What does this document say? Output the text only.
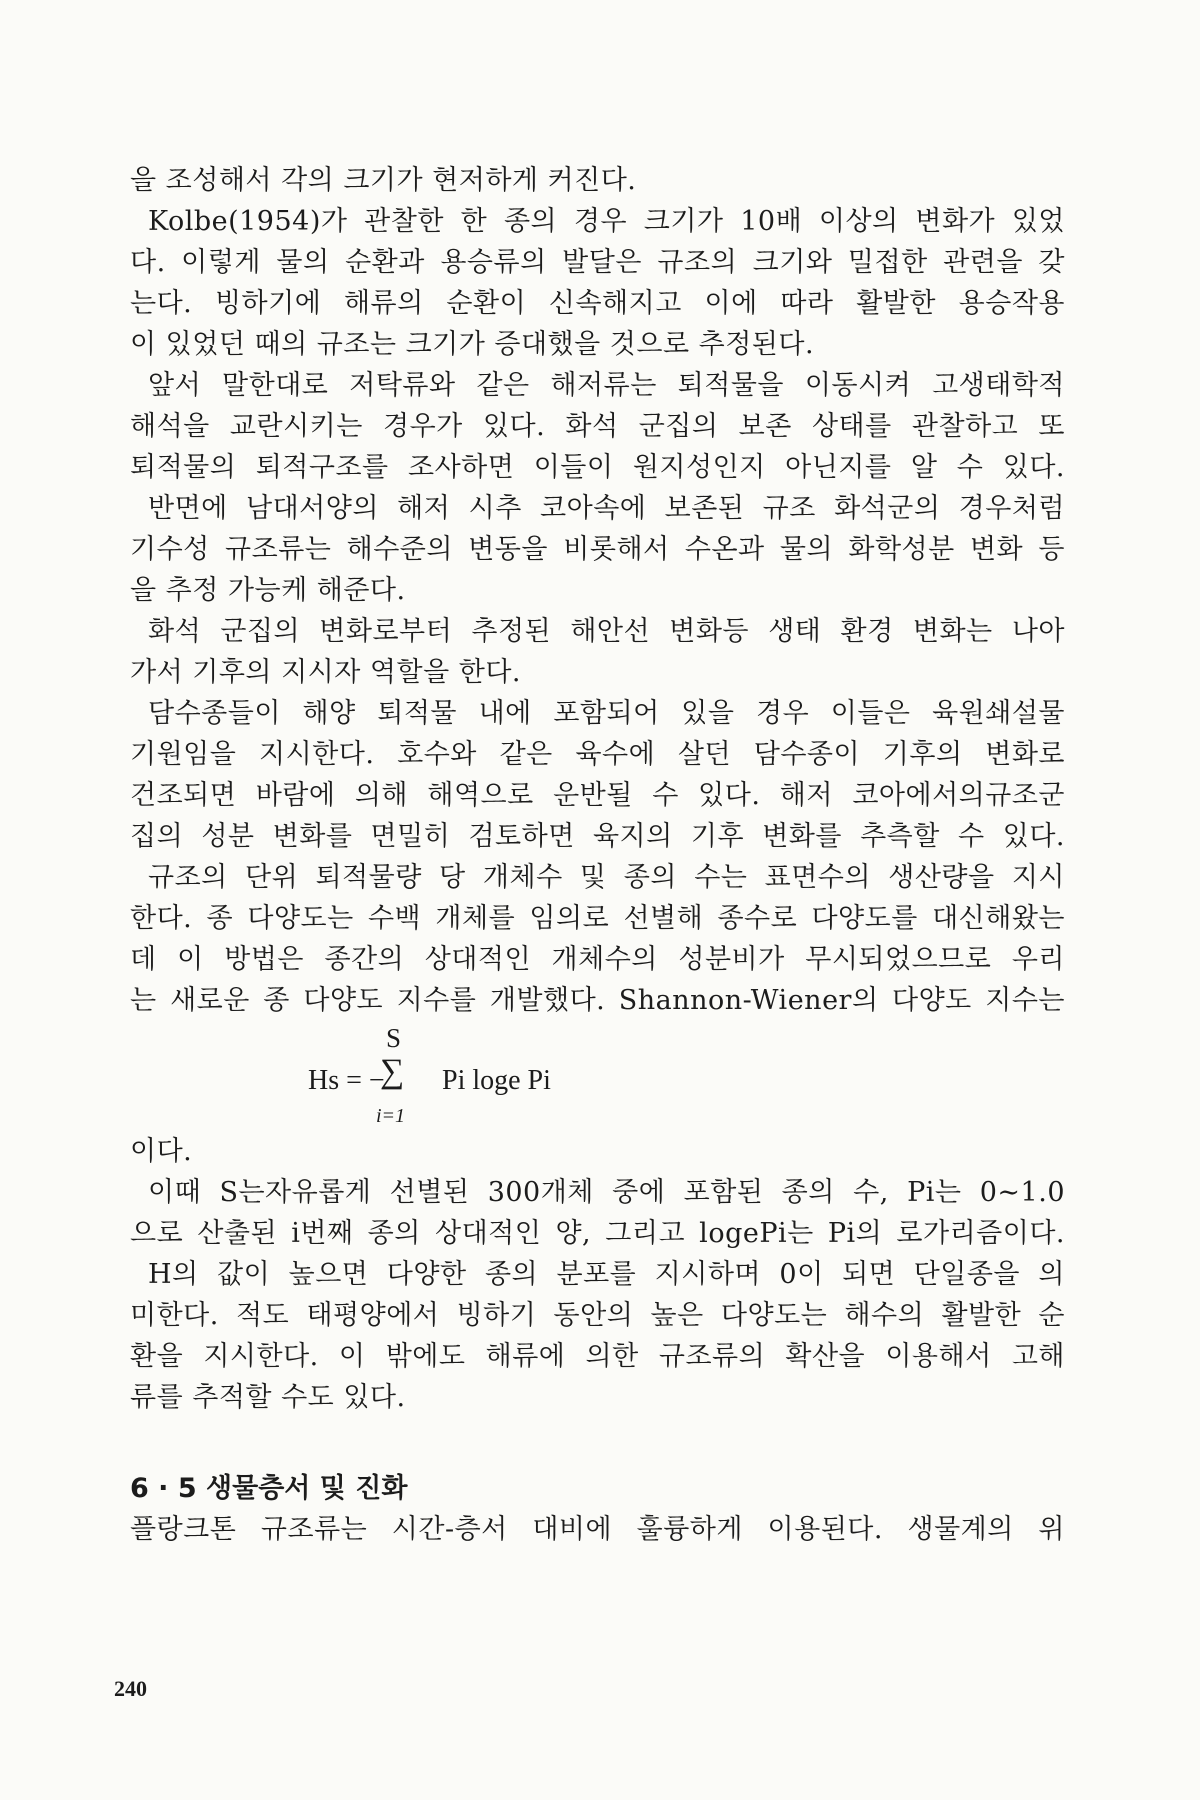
을 조성해서 각의 크기가 현저하게 커진다.
Kolbe(1954)가 관찰한 한 종의 경우 크기가 10배 이상의 변화가 있었
다. 이렇게 물의 순환과 용승류의 발달은 규조의 크기와 밀접한 관련을 갖
는다. 빙하기에 해류의 순환이 신속해지고 이에 따라 활발한 용승작용
이 있었던 때의 규조는 크기가 증대했을 것으로 추정된다.
앞서 말한대로 저탁류와 같은 해저류는 퇴적물을 이동시켜 고생태학적
해석을 교란시키는 경우가 있다. 화석 군집의 보존 상태를 관찰하고 또
퇴적물의 퇴적구조를 조사하면 이들이 원지성인지 아닌지를 알 수 있다.
반면에 남대서양의 해저 시추 코아속에 보존된 규조 화석군의 경우처럼
기수성 규조류는 해수준의 변동을 비롯해서 수온과 물의 화학성분 변화 등
을 추정 가능케 해준다.
화석 군집의 변화로부터 추정된 해안선 변화등 생태 환경 변화는 나아
가서 기후의 지시자 역할을 한다.
담수종들이 해양 퇴적물 내에 포함되어 있을 경우 이들은 육원쇄설물
기원임을 지시한다. 호수와 같은 육수에 살던 담수종이 기후의 변화로
건조되면 바람에 의해 해역으로 운반될 수 있다. 해저 코아에서의규조군
집의 성분 변화를 면밀히 검토하면 육지의 기후 변화를 추측할 수 있다.
규조의 단위 퇴적물량 당 개체수 및 종의 수는 표면수의 생산량을 지시
한다. 종 다양도는 수백 개체를 임의로 선별해 종수로 다양도를 대신해왔는
데 이 방법은 종간의 상대적인 개체수의 성분비가 무시되었으므로 우리
는 새로운 종 다양도 지수를 개발했다. Shannon-Wiener의 다양도 지수는
Hs = −
S
∑
i=1
Pi loge Pi
이다.
이때 S는자유롭게 선별된 300개체 중에 포함된 종의 수, Pi는 0∼1.0
으로 산출된 i번째 종의 상대적인 양, 그리고 logePi는 Pi의 로가리즘이다.
H의 값이 높으면 다양한 종의 분포를 지시하며 0이 되면 단일종을 의
미한다. 적도 태평양에서 빙하기 동안의 높은 다양도는 해수의 활발한 순
환을 지시한다. 이 밖에도 해류에 의한 규조류의 확산을 이용해서 고해
류를 추적할 수도 있다.
6 · 5 생물층서 및 진화
플랑크톤 규조류는 시간-층서 대비에 훌륭하게 이용된다. 생물계의 위
240
